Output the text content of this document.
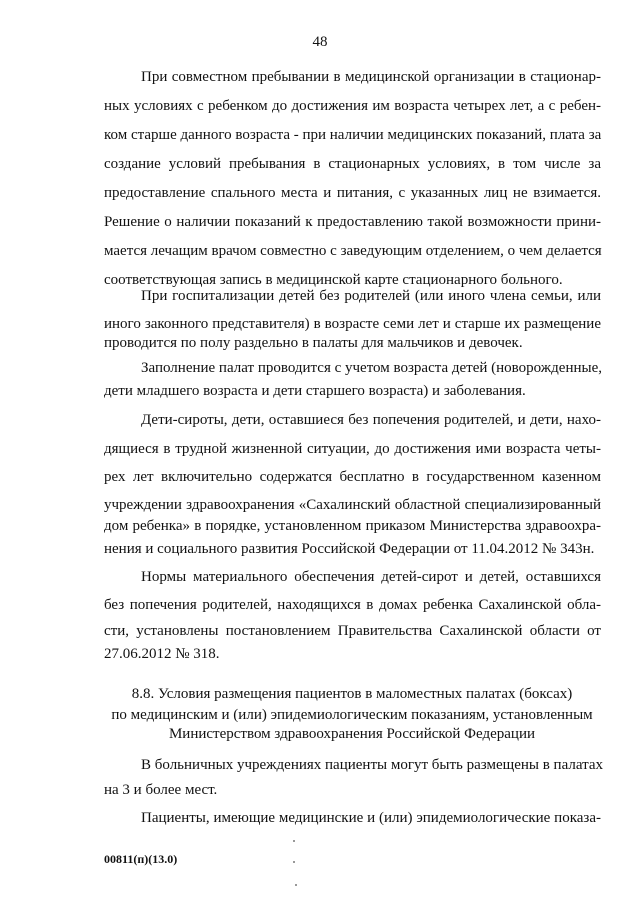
48
При совместном пребывании в медицинской организации в стационар-
ных условиях с ребенком до достижения им возраста четырех лет, а с ребен-
ком старше данного возраста - при наличии медицинских показаний, плата за
создание условий пребывания в стационарных условиях, в том числе за
предоставление спального места и питания, с указанных лиц не взимается.
Решение о наличии показаний к предоставлению такой возможности прини-
мается лечащим врачом совместно с заведующим отделением, о чем делается
соответствующая запись в медицинской карте стационарного больного.
При госпитализации детей без родителей (или иного члена семьи, или
иного законного представителя) в возрасте семи лет и старше их размещение
проводится по полу раздельно в палаты для мальчиков и девочек.
Заполнение палат проводится с учетом возраста детей (новорожденные,
дети младшего возраста и дети старшего возраста) и заболевания.
Дети-сироты, дети, оставшиеся без попечения родителей, и дети, нахо-
дящиеся в трудной жизненной ситуации, до достижения ими возраста четы-
рех лет включительно содержатся бесплатно в государственном казенном
учреждении здравоохранения «Сахалинский областной специализированный
дом ребенка» в порядке, установленном приказом Министерства здравоохра-
нения и социального развития Российской Федерации от 11.04.2012 № 343н.
Нормы материального обеспечения детей-сирот и детей, оставшихся
без попечения родителей, находящихся в домах ребенка Сахалинской обла-
сти, установлены постановлением Правительства Сахалинской области от
27.06.2012 № 318.
8.8. Условия размещения пациентов в маломестных палатах (боксах)
по медицинским и (или) эпидемиологическим показаниям, установленным
Министерством здравоохранения Российской Федерации
В больничных учреждениях пациенты могут быть размещены в палатах
на 3 и более мест.
Пациенты, имеющие медицинские и (или) эпидемиологические показа-
00811(п)(13.0)
